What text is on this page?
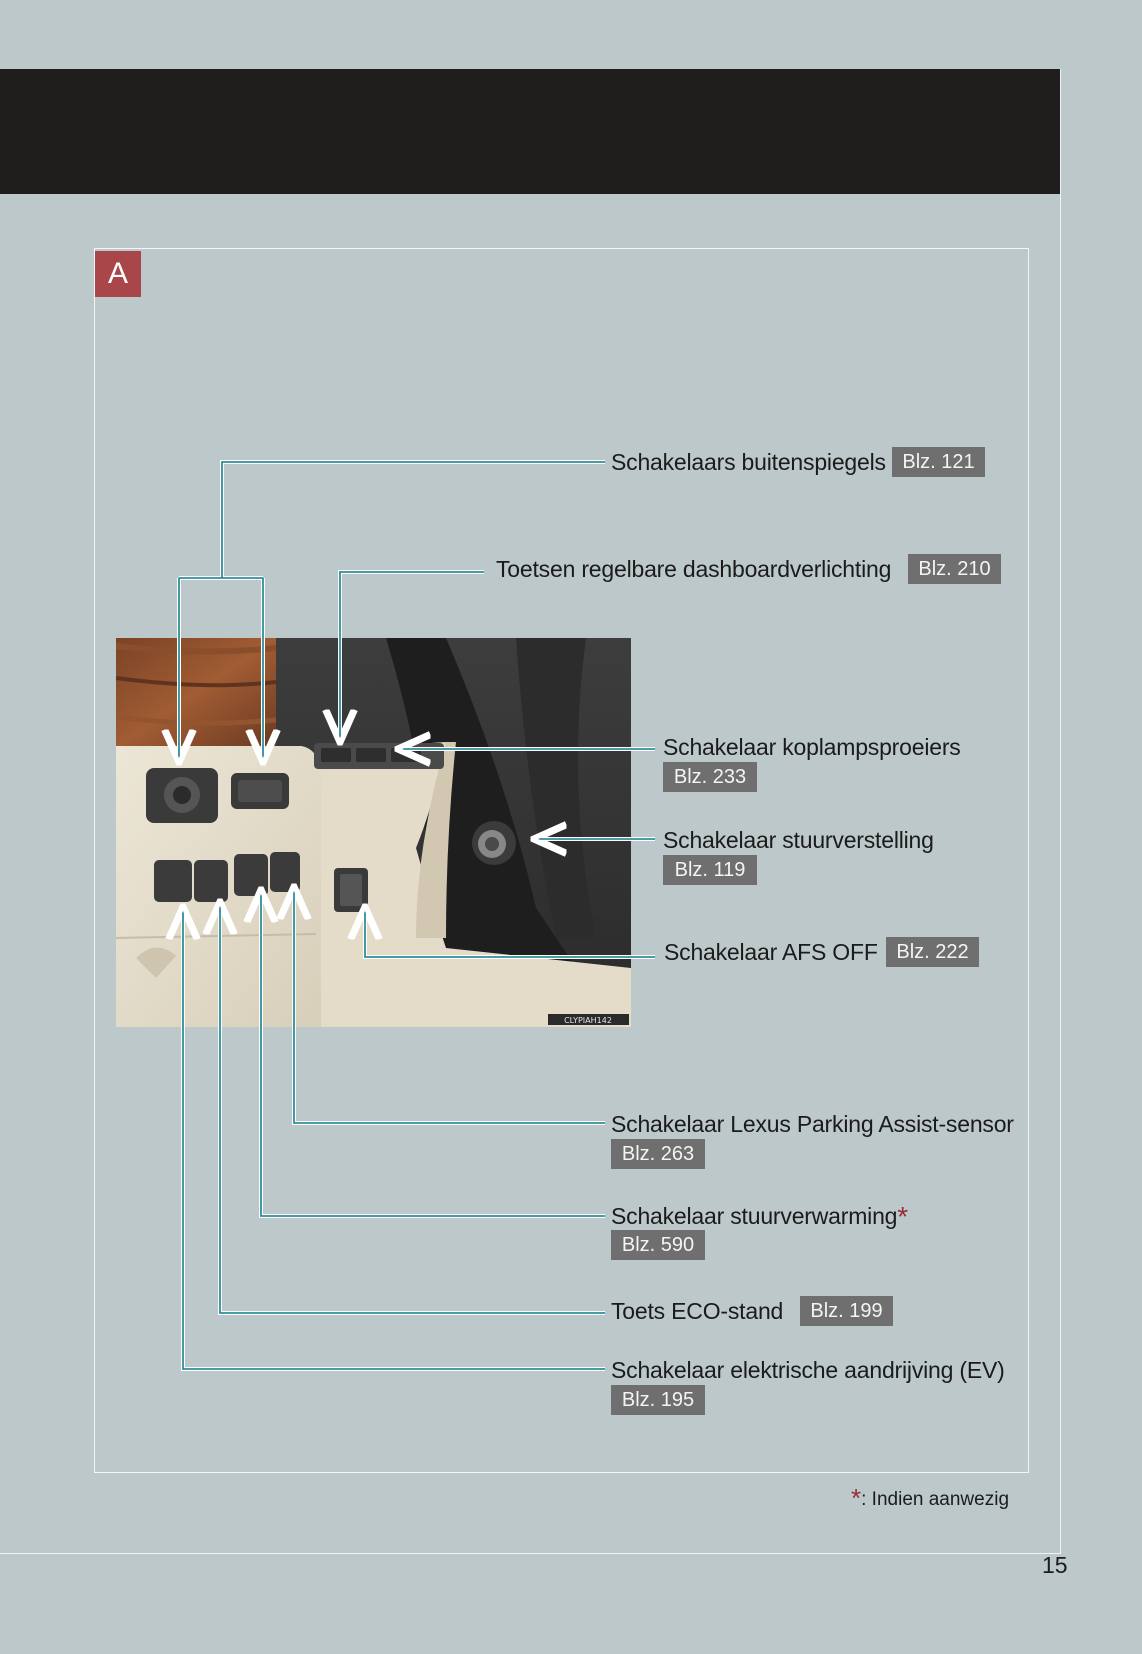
A
CLYPIAH142
Schakelaars buitenspiegels Blz. 121
Toetsen regelbare dashboardverlichting	Blz. 210
Schakelaar koplampsproeiers
Blz. 233
Schakelaar stuurverstelling
Blz. 119
Schakelaar AFS OFF Blz. 222
Schakelaar Lexus Parking Assist-sensor
Blz. 263
Schakelaar stuurverwarming*
Blz. 590
Toets ECO-stand	Blz. 199
Schakelaar elektrische aandrijving (EV)
Blz. 195
*: Indien aanwezig
15
